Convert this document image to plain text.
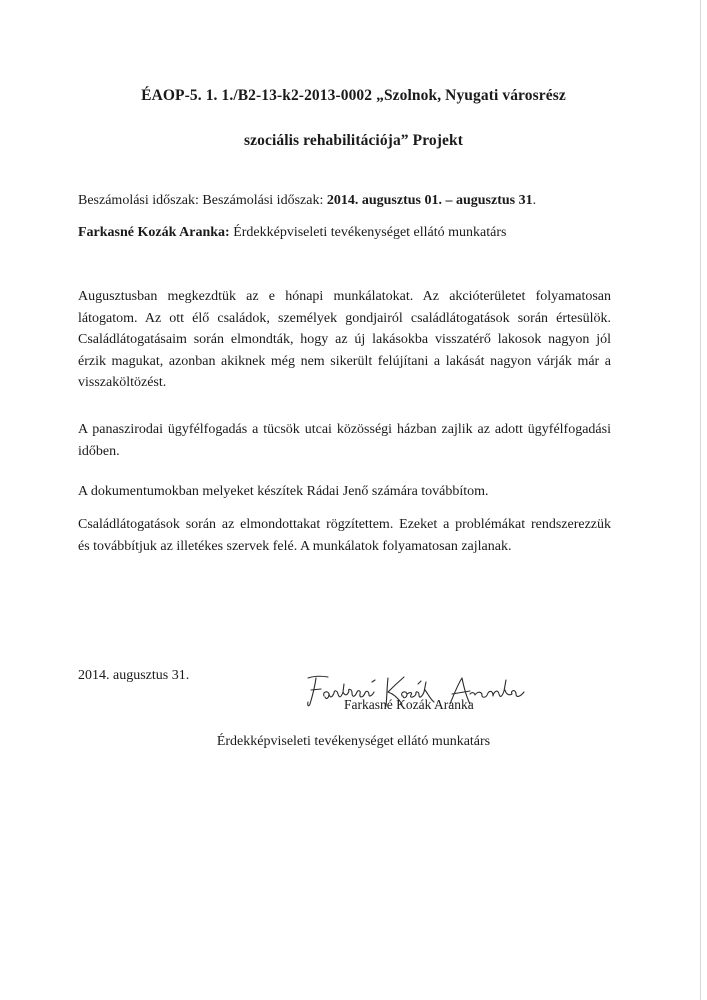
ÉAOP-5. 1. 1./B2-13-k2-2013-0002 „Szolnok, Nyugati városrész
szociális rehabilitációja” Projekt
Beszámolási időszak: Beszámolási időszak: 2014. augusztus 01. – augusztus 31.
Farkasné Kozák Aranka: Érdekképviseleti tevékenységet ellátó munkatárs
Augusztusban megkezdtük az e hónapi munkálatokat. Az akcióterületet folyamatosan
látogatom. Az ott élő családok, személyek gondjairól családlátogatások során értesülök.
Családlátogatásaim során elmondták, hogy az új lakásokba visszatérő lakosok nagyon jól
érzik magukat, azonban akiknek még nem sikerült felújítani a lakását nagyon várják már a
visszaköltözést.
A panaszirodai ügyfélfogadás a tücsök utcai közösségi házban zajlik az adott ügyfélfogadási
időben.
A dokumentumokban melyeket készítek Rádai Jenő számára továbbítom.
Családlátogatások során az elmondottakat rögzítettem. Ezeket a problémákat rendszerezzük
és továbbítjuk az illetékes szervek felé. A munkálatok folyamatosan zajlanak.
2014. augusztus 31.
Farkasné Kozák Aranka
Érdekképviseleti tevékenységet ellátó munkatárs
